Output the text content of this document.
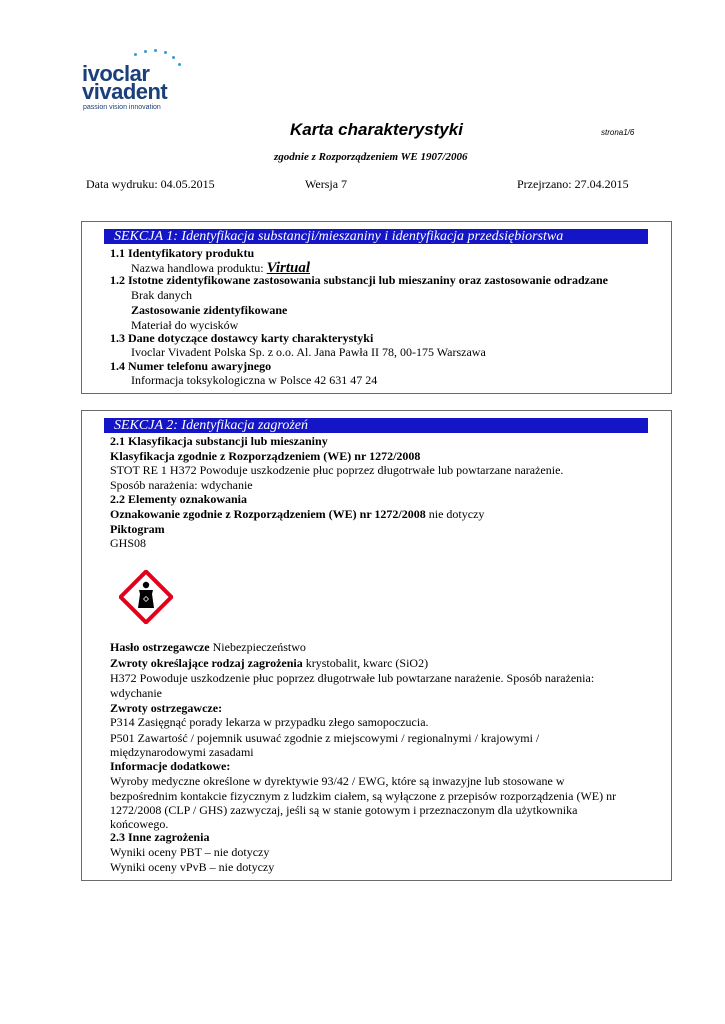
ivoclar
vivadent
passion vision innovation
Karta charakterystyki	strona1/6
zgodnie z Rozporządzeniem WE 1907/2006
Data wydruku: 04.05.2015	Wersja 7	Przejrzano: 27.04.2015
SEKCJA 1: Identyfikacja substancji/mieszaniny i identyfikacja przedsiębiorstwa
1.1 Identyfikatory produktu
Nazwa handlowa produktu: Virtual
1.2 Istotne zidentyfikowane zastosowania substancji lub mieszaniny oraz zastosowanie odradzane
Brak danych
Zastosowanie zidentyfikowane
Materiał do wycisków
1.3 Dane dotyczące dostawcy karty charakterystyki
Ivoclar Vivadent Polska Sp. z o.o. Al. Jana Pawła II 78, 00-175 Warszawa
1.4 Numer telefonu awaryjnego
Informacja toksykologiczna w Polsce 42 631 47 24
SEKCJA 2: Identyfikacja zagrożeń
2.1 Klasyfikacja substancji lub mieszaniny
Klasyfikacja zgodnie z Rozporządzeniem (WE) nr 1272/2008
STOT RE 1 H372 Powoduje uszkodzenie płuc poprzez długotrwałe lub powtarzane narażenie.
Sposób narażenia: wdychanie
2.2 Elementy oznakowania
Oznakowanie zgodnie z Rozporządzeniem (WE) nr 1272/2008 nie dotyczy
Piktogram
GHS08
Hasło ostrzegawcze Niebezpieczeństwo
Zwroty określające rodzaj zagrożenia krystobalit, kwarc (SiO2)
H372 Powoduje uszkodzenie płuc poprzez długotrwałe lub powtarzane narażenie. Sposób narażenia:
wdychanie
Zwroty ostrzegawcze:
P314 Zasięgnąć porady lekarza w przypadku złego samopoczucia.
P501 Zawartość / pojemnik usuwać zgodnie z miejscowymi / regionalnymi / krajowymi /
międzynarodowymi zasadami
Informacje dodatkowe:
Wyroby medyczne określone w dyrektywie 93/42 / EWG, które są inwazyjne lub stosowane w
bezpośrednim kontakcie fizycznym z ludzkim ciałem, są wyłączone z przepisów rozporządzenia (WE) nr
1272/2008 (CLP / GHS) zazwyczaj, jeśli są w stanie gotowym i przeznaczonym dla użytkownika
końcowego.
2.3 Inne zagrożenia
Wyniki oceny PBT – nie dotyczy
Wyniki oceny vPvB – nie dotyczy
